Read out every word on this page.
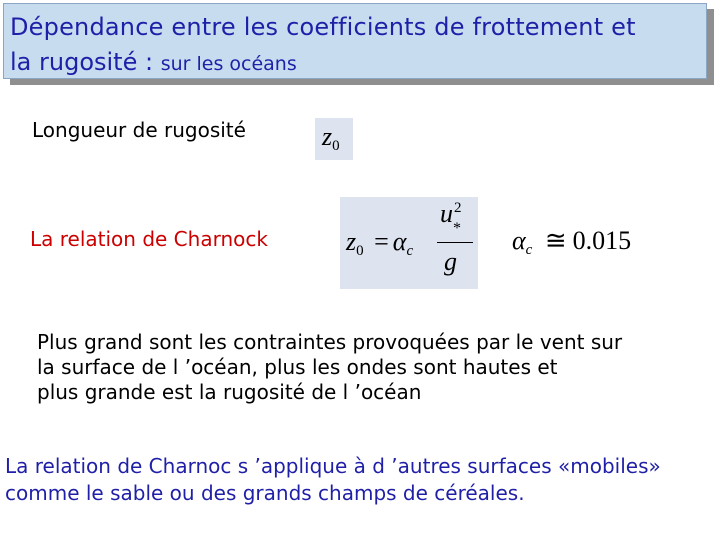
Dépendance entre les coefficients de frottement et
la rugosité : sur les océans
Longueur de rugosité	$z_0$
La relation de Charnock	$z_0 = \alpha_c$
u 2
*
g
$\alpha_c$ ≅ 0.015
Plus grand sont les contraintes provoquées par le vent sur
la surface de l ’océan, plus les ondes sont hautes et
plus grande est la rugosité de l ’océan
La relation de Charnoc s ’applique à d ’autres surfaces «mobiles»
comme le sable ou des grands champs de céréales.
